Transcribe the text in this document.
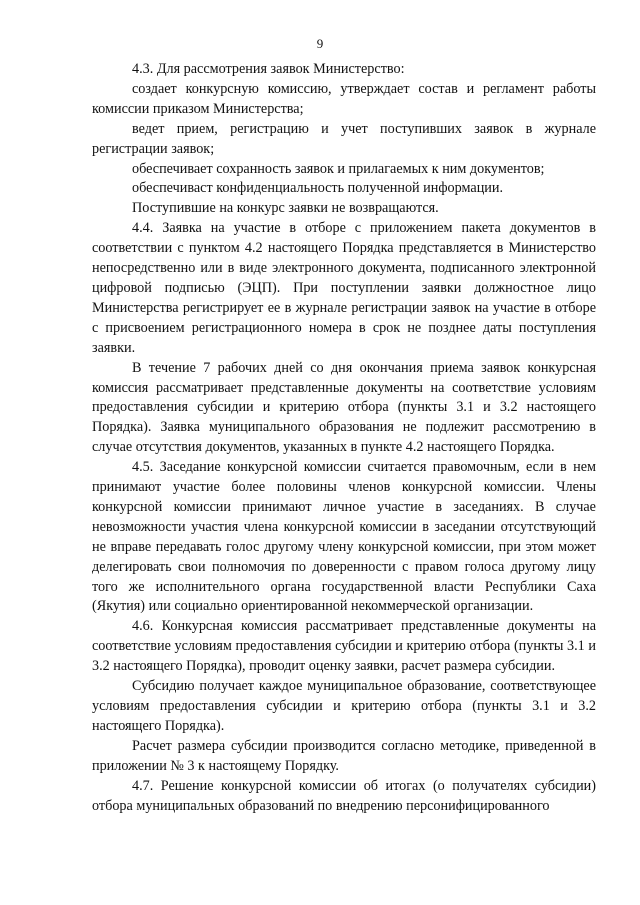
9

4.3. Для рассмотрения заявок Министерство:

создает конкурсную комиссию, утверждает состав и регламент работы комиссии приказом Министерства;

ведет прием, регистрацию и учет поступивших заявок в журнале регистрации заявок;

обеспечивает сохранность заявок и прилагаемых к ним документов;

обеспечиваст конфиденциальность полученной информации.

Поступившие на конкурс заявки не возвращаются.

4.4. Заявка на участие в отборе с приложением пакета документов в соответствии с пунктом 4.2 настоящего Порядка представляется в Министерство непосредственно или в виде электронного документа, подписанного электронной цифровой подписью (ЭЦП). При поступлении заявки должностное лицо Министерства регистрирует ее в журнале регистрации заявок на участие в отборе с присвоением регистрационного номера в срок не позднее даты поступления заявки.

В течение 7 рабочих дней со дня окончания приема заявок конкурсная комиссия рассматривает представленные документы на соответствие условиям предоставления субсидии и критерию отбора (пункты 3.1 и 3.2 настоящего Порядка). Заявка муниципального образования не подлежит рассмотрению в случае отсутствия документов, указанных в пункте 4.2 настоящего Порядка.

4.5. Заседание конкурсной комиссии считается правомочным, если в нем принимают участие более половины членов конкурсной комиссии. Члены конкурсной комиссии принимают личное участие в заседаниях. В случае невозможности участия члена конкурсной комиссии в заседании отсутствующий не вправе передавать голос другому члену конкурсной комиссии, при этом может делегировать свои полномочия по доверенности с правом голоса другому лицу того же исполнительного органа государственной власти Республики Саха (Якутия) или социально ориентированной некоммерческой организации.

4.6. Конкурсная комиссия рассматривает представленные документы на соответствие условиям предоставления субсидии и критерию отбора (пункты 3.1 и 3.2 настоящего Порядка), проводит оценку заявки, расчет размера субсидии.

Субсидию получает каждое муниципальное образование, соответствующее условиям предоставления субсидии и критерию отбора (пункты 3.1 и 3.2 настоящего Порядка).

Расчет размера субсидии производится согласно методике, приведенной в приложении № 3 к настоящему Порядку.

4.7. Решение конкурсной комиссии об итогах (о получателях субсидии) отбора муниципальных образований по внедрению персонифицированного
